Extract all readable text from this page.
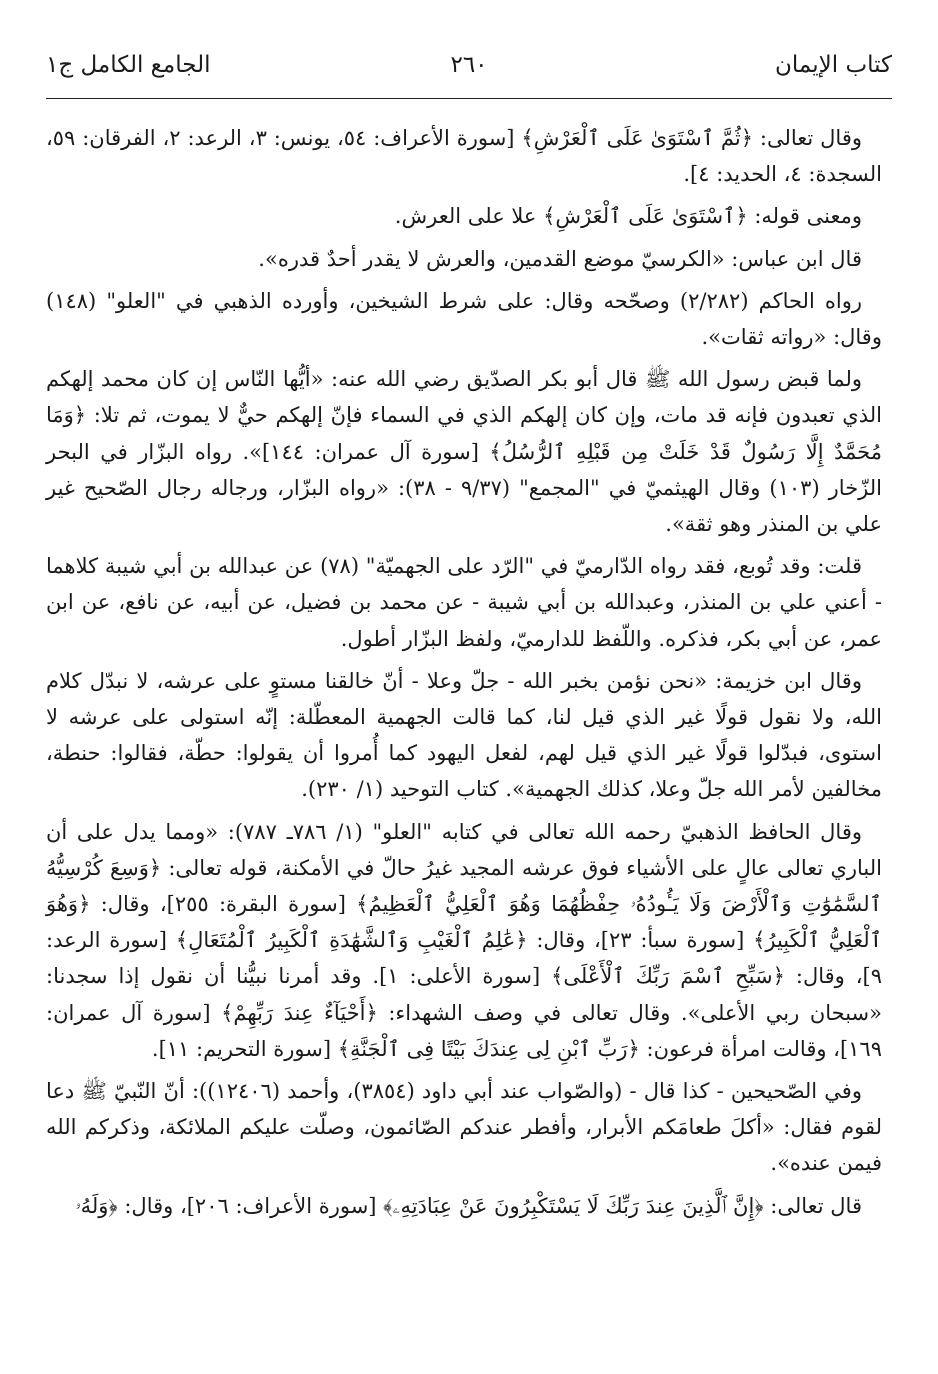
كتاب الإيمان
٢٦٠
الجامع الكامل ج١

وقال تعالى: ﴿ثُمَّ ٱسْتَوَىٰ عَلَى ٱلْعَرْشِ﴾ [سورة الأعراف: ٥٤، يونس: ٣، الرعد: ٢، الفرقان: ٥٩، السجدة: ٤، الحديد: ٤].

ومعنى قوله: ﴿ٱسْتَوَىٰ عَلَى ٱلْعَرْشِ﴾ علا على العرش.

قال ابن عباس: «الكرسيّ موضع القدمين، والعرش لا يقدر أحدٌ قدره».

رواه الحاكم (٢/٢٨٢) وصحّحه وقال: على شرط الشيخين، وأورده الذهبي في "العلو" (١٤٨) وقال: «رواته ثقات».

ولما قبض رسول الله ﷺ قال أبو بكر الصدّيق رضي الله عنه: «أيُّها النّاس إن كان محمد إلهكم الذي تعبدون فإنه قد مات، وإن كان إلهكم الذي في السماء فإنّ إلهكم حيٌّ لا يموت، ثم تلا: ﴿وَمَا مُحَمَّدٌ إِلَّا رَسُولٌ قَدْ خَلَتْ مِن قَبْلِهِ ٱلرُّسُلُ﴾ [سورة آل عمران: ١٤٤]». رواه البزّار في البحر الزّخار (١٠٣) وقال الهيثميّ في "المجمع" (٩/٣٧ - ٣٨): «رواه البزّار، ورجاله رجال الصّحيح غير علي بن المنذر وهو ثقة».

قلت: وقد تُوبع، فقد رواه الدّارميّ في "الرّد على الجهميّة" (٧٨) عن عبدالله بن أبي شيبة كلاهما - أعني علي بن المنذر، وعبدالله بن أبي شيبة - عن محمد بن فضيل، عن أبيه، عن نافع، عن ابن عمر، عن أبي بكر، فذكره. واللّفظ للدارميّ، ولفظ البزّار أطول.

وقال ابن خزيمة: «نحن نؤمن بخبر الله - جلّ وعلا - أنّ خالقنا مستوٍ على عرشه، لا نبدّل كلام الله، ولا نقول قولًا غير الذي قيل لنا، كما قالت الجهمية المعطّلة: إنّه استولى على عرشه لا استوى، فبدّلوا قولًا غير الذي قيل لهم، لفعل اليهود كما أُمروا أن يقولوا: حطّة، فقالوا: حنطة، مخالفين لأمر الله جلّ وعلا، كذلك الجهمية». كتاب التوحيد (١/ ٢٣٠).

وقال الحافظ الذهبيّ رحمه الله تعالى في كتابه "العلو" (١/ ٧٨٦ـ ٧٨٧): «ومما يدل على أن الباري تعالى عالٍ على الأشياء فوق عرشه المجيد غيرُ حالّ في الأمكنة، قوله تعالى: ﴿وَسِعَ كُرْسِيُّهُ ٱلسَّمَٰوَٰتِ وَٱلْأَرْضَ وَلَا يَـُٔودُهُۥ حِفْظُهُمَا وَهُوَ ٱلْعَلِيُّ ٱلْعَظِيمُ﴾ [سورة البقرة: ٢٥٥]، وقال: ﴿وَهُوَ ٱلْعَلِيُّ ٱلْكَبِيرُ﴾ [سورة سبأ: ٢٣]، وقال: ﴿عَٰلِمُ ٱلْغَيْبِ وَٱلشَّهَٰدَةِ ٱلْكَبِيرُ ٱلْمُتَعَالِ﴾ [سورة الرعد: ٩]، وقال: ﴿سَبِّحِ ٱسْمَ رَبِّكَ ٱلْأَعْلَى﴾ [سورة الأعلى: ١]. وقد أمرنا نبيُّنا أن نقول إذا سجدنا: «سبحان ربي الأعلى». وقال تعالى في وصف الشهداء: ﴿أَحْيَآءٌ عِندَ رَبِّهِمْ﴾ [سورة آل عمران: ١٦٩]، وقالت امرأة فرعون: ﴿رَبِّ ٱبْنِ لِى عِندَكَ بَيْتًا فِى ٱلْجَنَّةِ﴾ [سورة التحريم: ١١].

وفي الصّحيحين - كذا قال - (والصّواب عند أبي داود (٣٨٥٤)، وأحمد (١٢٤٠٦)): أنّ النّبيّ ﷺ دعا لقوم فقال: «أكلَ طعامَكم الأبرار، وأفطر عندكم الصّائمون، وصلّت عليكم الملائكة، وذكركم الله فيمن عنده».

قال تعالى: ﴿إِنَّ ٱلَّذِينَ عِندَ رَبِّكَ لَا يَسْتَكْبِرُونَ عَنْ عِبَادَتِهِۦ﴾ [سورة الأعراف: ٢٠٦]، وقال: ﴿وَلَهُۥ
